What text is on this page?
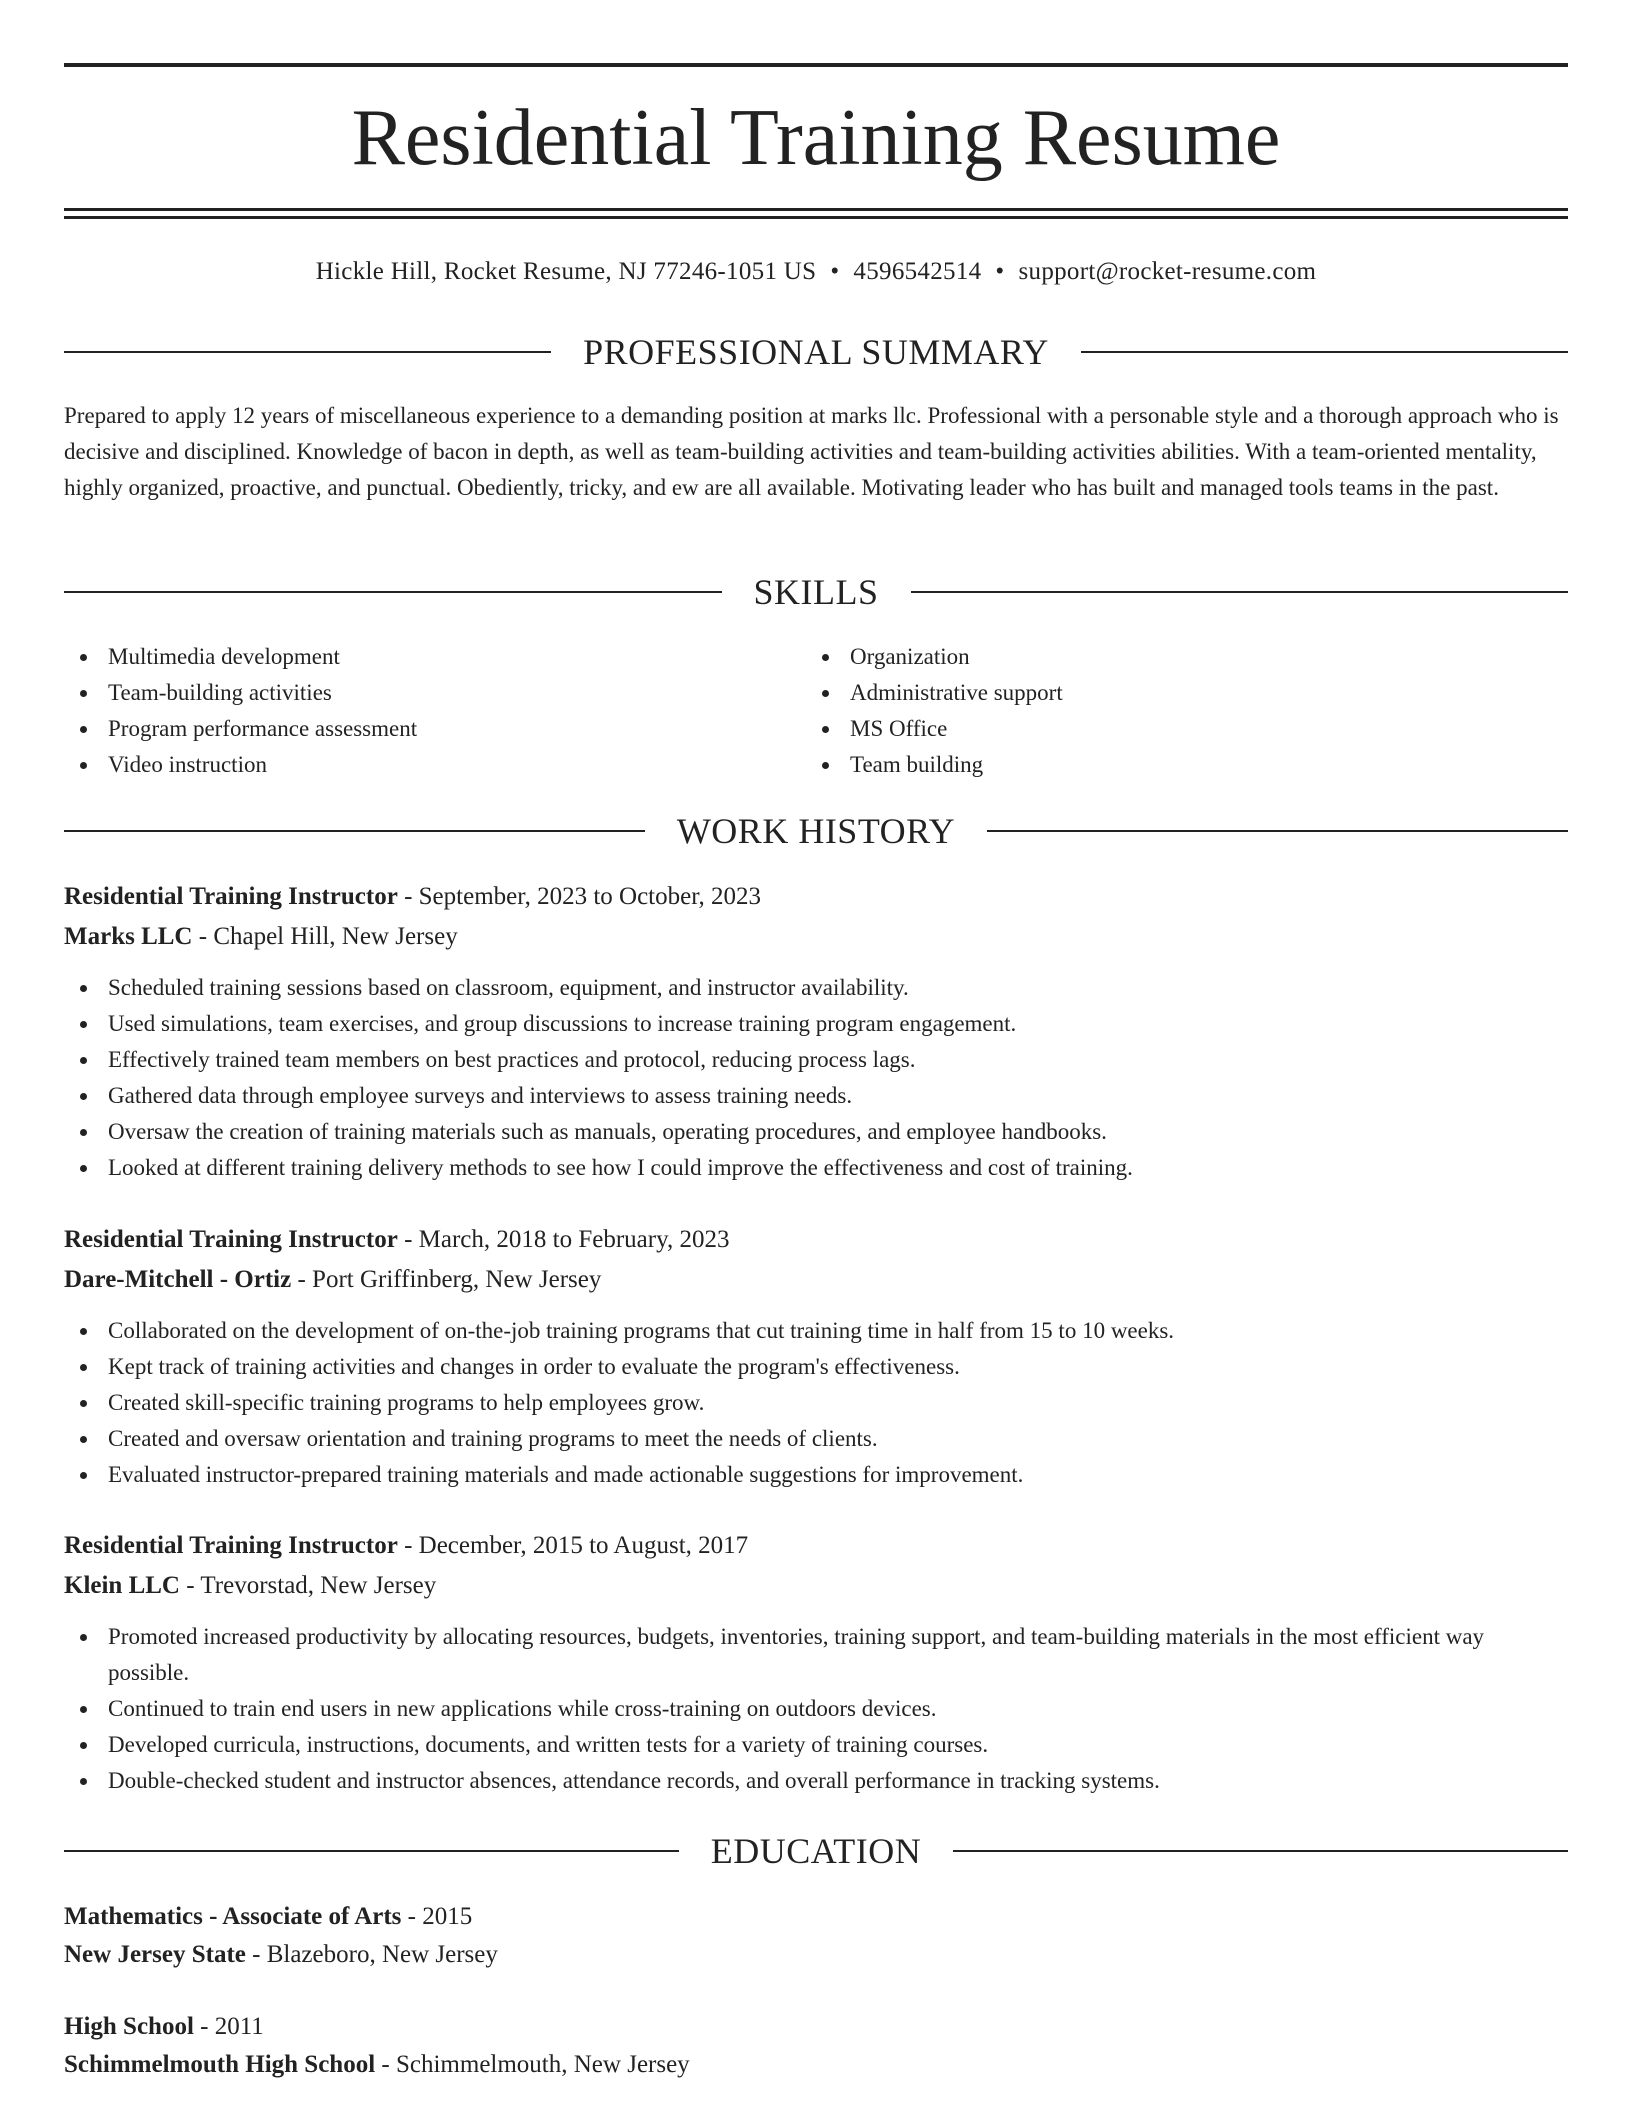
Residential Training Resume
Hickle Hill, Rocket Resume, NJ 77246-1051 US • 4596542514 • support@rocket-resume.com
PROFESSIONAL SUMMARY
Prepared to apply 12 years of miscellaneous experience to a demanding position at marks llc. Professional with a personable style and a thorough approach who is decisive and disciplined. Knowledge of bacon in depth, as well as team-building activities and team-building activities abilities. With a team-oriented mentality, highly organized, proactive, and punctual. Obediently, tricky, and ew are all available. Motivating leader who has built and managed tools teams in the past.
SKILLS
Multimedia development
Team-building activities
Program performance assessment
Video instruction
Organization
Administrative support
MS Office
Team building
WORK HISTORY
Residential Training Instructor - September, 2023 to October, 2023
Marks LLC - Chapel Hill, New Jersey
Scheduled training sessions based on classroom, equipment, and instructor availability.
Used simulations, team exercises, and group discussions to increase training program engagement.
Effectively trained team members on best practices and protocol, reducing process lags.
Gathered data through employee surveys and interviews to assess training needs.
Oversaw the creation of training materials such as manuals, operating procedures, and employee handbooks.
Looked at different training delivery methods to see how I could improve the effectiveness and cost of training.
Residential Training Instructor - March, 2018 to February, 2023
Dare-Mitchell - Ortiz - Port Griffinberg, New Jersey
Collaborated on the development of on-the-job training programs that cut training time in half from 15 to 10 weeks.
Kept track of training activities and changes in order to evaluate the program's effectiveness.
Created skill-specific training programs to help employees grow.
Created and oversaw orientation and training programs to meet the needs of clients.
Evaluated instructor-prepared training materials and made actionable suggestions for improvement.
Residential Training Instructor - December, 2015 to August, 2017
Klein LLC - Trevorstad, New Jersey
Promoted increased productivity by allocating resources, budgets, inventories, training support, and team-building materials in the most efficient way possible.
Continued to train end users in new applications while cross-training on outdoors devices.
Developed curricula, instructions, documents, and written tests for a variety of training courses.
Double-checked student and instructor absences, attendance records, and overall performance in tracking systems.
EDUCATION
Mathematics - Associate of Arts - 2015
New Jersey State - Blazeboro, New Jersey
High School - 2011
Schimmelmouth High School - Schimmelmouth, New Jersey
